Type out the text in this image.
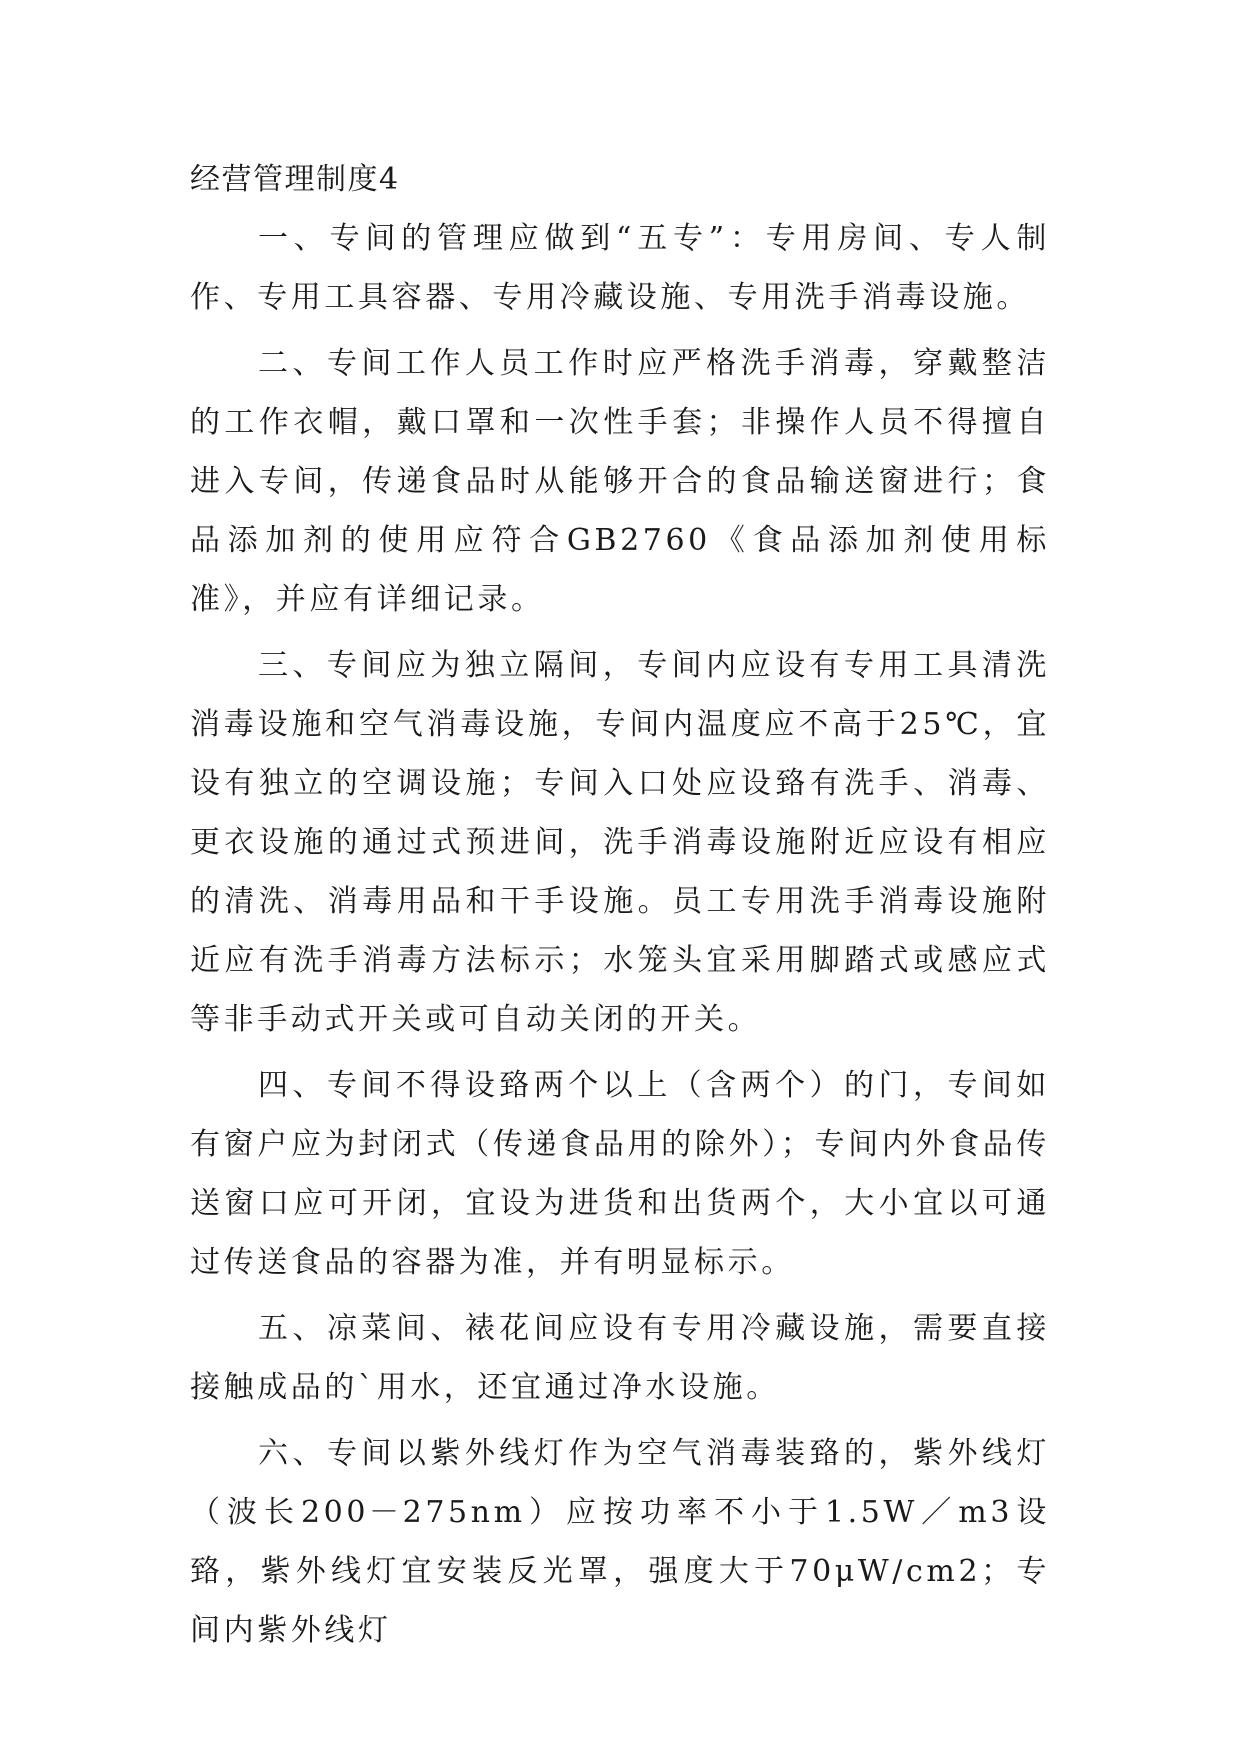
经营管理制度4

一、专间的管理应做到“五专”：专用房间、专人制作、专用工具容器、专用冷藏设施、专用洗手消毒设施。

二、专间工作人员工作时应严格洗手消毒，穿戴整洁的工作衣帽，戴口罩和一次性手套；非操作人员不得擅自进入专间，传递食品时从能够开合的食品输送窗进行；食品添加剂的使用应符合GB2760《食品添加剂使用标准》，并应有详细记录。

三、专间应为独立隔间，专间内应设有专用工具清洗消毒设施和空气消毒设施，专间内温度应不高于25℃，宜设有独立的空调设施；专间入口处应设臵有洗手、消毒、更衣设施的通过式预进间，洗手消毒设施附近应设有相应的清洗、消毒用品和干手设施。员工专用洗手消毒设施附近应有洗手消毒方法标示；水笼头宜采用脚踏式或感应式等非手动式开关或可自动关闭的开关。

四、专间不得设臵两个以上（含两个）的门，专间如有窗户应为封闭式（传递食品用的除外）；专间内外食品传送窗口应可开闭，宜设为进货和出货两个，大小宜以可通过传送食品的容器为准，并有明显标示。

五、凉菜间、裱花间应设有专用冷藏设施，需要直接接触成品的`用水，还宜通过净水设施。

六、专间以紫外线灯作为空气消毒装臵的，紫外线灯（波长200－275nm）应按功率不小于1.5W／m3设臵，紫外线灯宜安装反光罩，强度大于70μW/cm2；专间内紫外线灯
